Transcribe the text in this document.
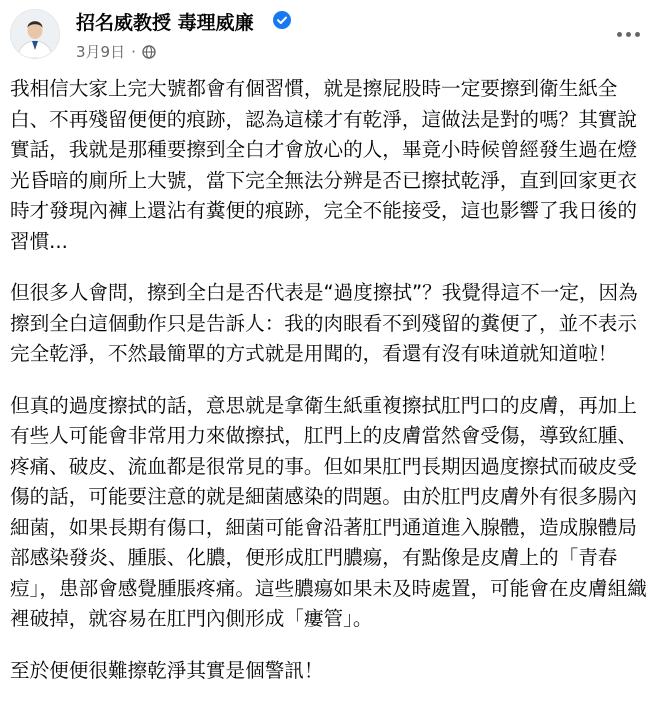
招名威教授 毒理威廉
3月9日 ·

我相信大家上完大號都會有個習慣，就是擦屁股時一定要擦到衛生紙全白、不再殘留便便的痕跡，認為這樣才有乾淨，這做法是對的嗎？其實說實話，我就是那種要擦到全白才會放心的人，畢竟小時候曾經發生過在燈光昏暗的廁所上大號，當下完全無法分辨是否已擦拭乾淨，直到回家更衣時才發現內褲上還沾有糞便的痕跡，完全不能接受，這也影響了我日後的習慣...

但很多人會問，擦到全白是否代表是“過度擦拭”？我覺得這不一定，因為擦到全白這個動作只是告訴人：我的肉眼看不到殘留的糞便了，並不表示完全乾淨，不然最簡單的方式就是用聞的，看還有沒有味道就知道啦！

但真的過度擦拭的話，意思就是拿衛生紙重複擦拭肛門口的皮膚，再加上有些人可能會非常用力來做擦拭，肛門上的皮膚當然會受傷，導致紅腫、疼痛、破皮、流血都是很常見的事。但如果肛門長期因過度擦拭而破皮受傷的話，可能要注意的就是細菌感染的問題。由於肛門皮膚外有很多腸內細菌，如果長期有傷口，細菌可能會沿著肛門通道進入腺體，造成腺體局部感染發炎、腫脹、化膿，便形成肛門膿瘍，有點像是皮膚上的「青春痘」，患部會感覺腫脹疼痛。這些膿瘍如果未及時處置，可能會在皮膚組織裡破掉，就容易在肛門內側形成「瘻管」。

至於便便很難擦乾淨其實是個警訊！
